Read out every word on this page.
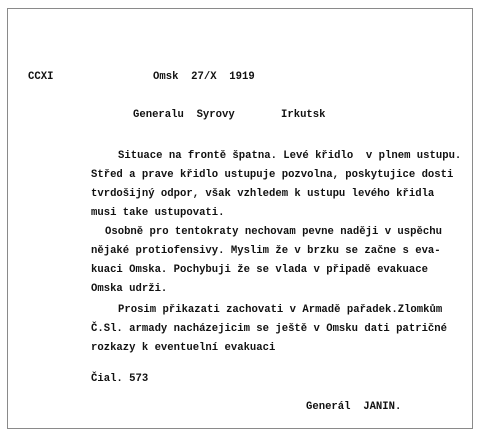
CCXI	Omsk  27/X  1919
Generalu  Syrovy	Irkutsk
Situace na frontě špatna. Levé křidlo  v plnem ustupu.
Střed a prave křidlo ustupuje pozvolna, poskytujice dosti
tvrdošijný odpor, však vzhledem k ustupu levého křidla
musi take ustupovati.
Osobně pro tentokraty nechovam pevne naději v uspěchu
nějaké protiofensivy. Myslim že v brzku se začne s eva-
kuaci Omska. Pochybuji že se vlada v připadě evakuace
Omska udrži.
Prosim přikazati zachovati v Armadě pařadek.Zlomkům
Č.Sl. armady nacházejicim se ještě v Omsku dati patričné
rozkazy k eventuelní evakuaci
Čial. 573
Generál  JANIN.
